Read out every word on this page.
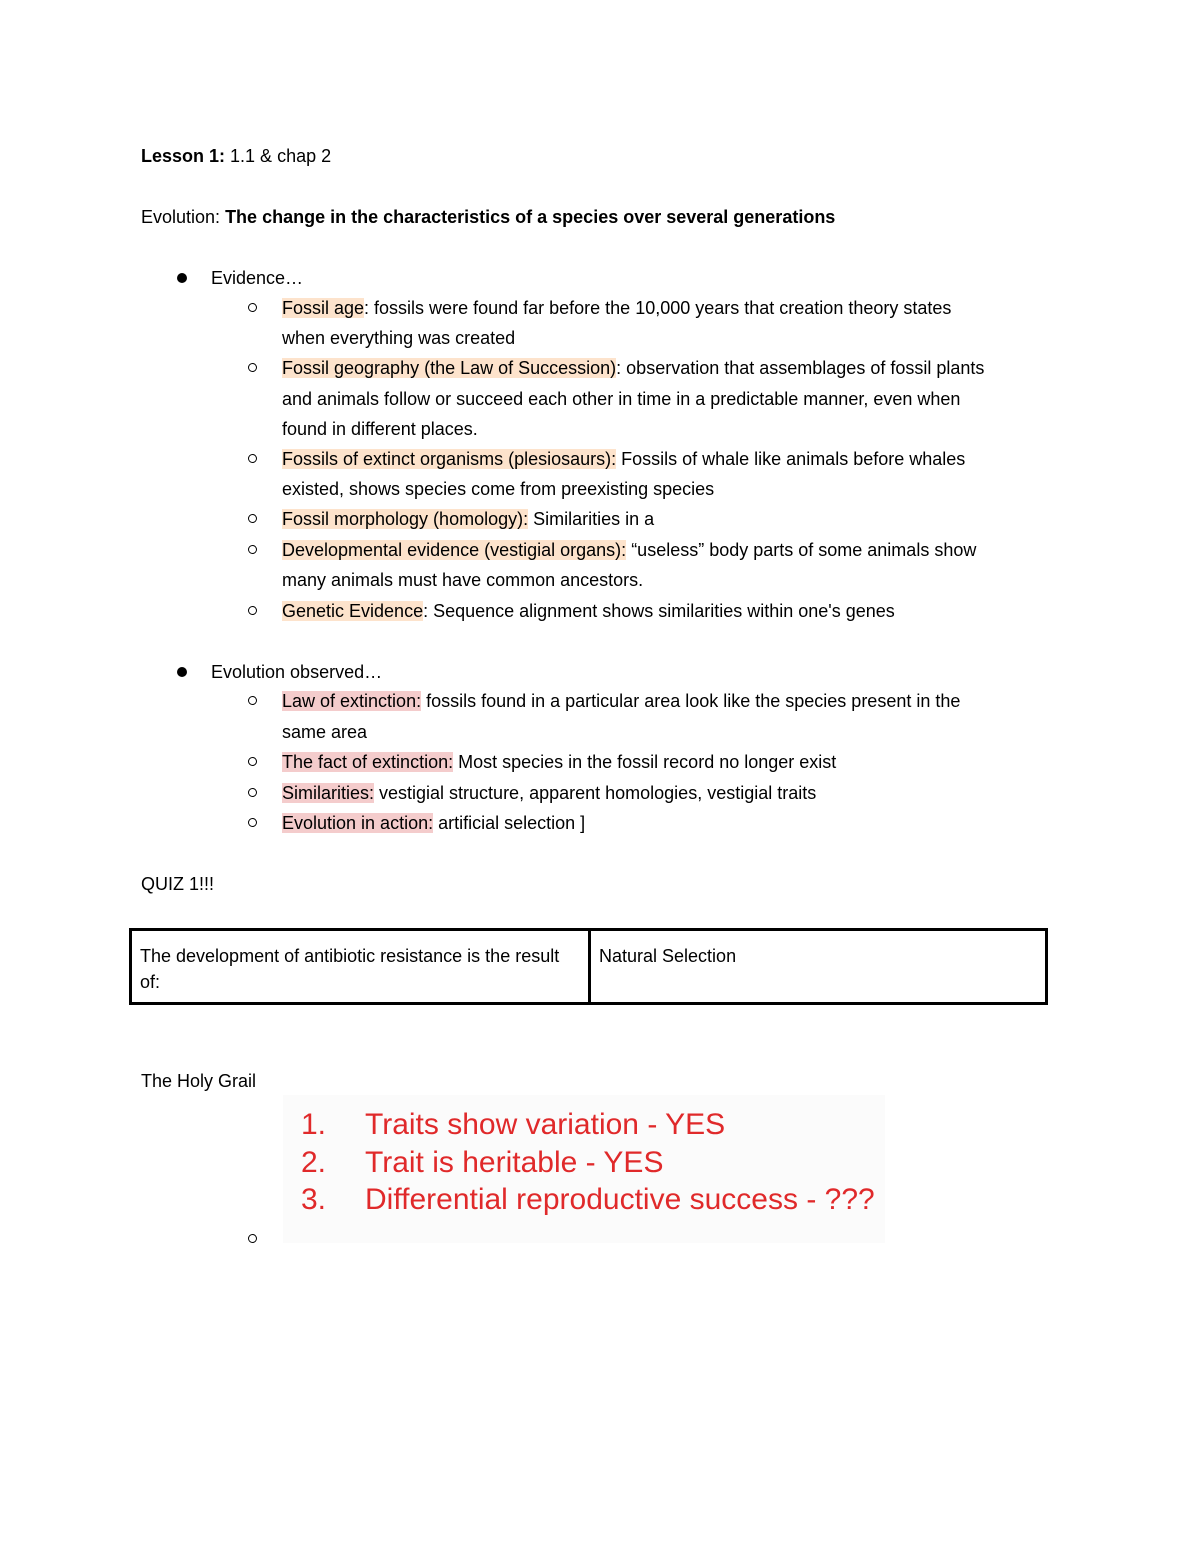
Lesson 1: 1.1 & chap 2
Evolution: The change in the characteristics of a species over several generations
Evidence…
Fossil age: fossils were found far before the 10,000 years that creation theory states
when everything was created
Fossil geography (the Law of Succession): observation that assemblages of fossil plants
and animals follow or succeed each other in time in a predictable manner, even when
found in different places.
Fossils of extinct organisms (plesiosaurs): Fossils of whale like animals before whales
existed, shows species come from preexisting species
Fossil morphology (homology): Similarities in a
Developmental evidence (vestigial organs): “useless” body parts of some animals show
many animals must have common ancestors.
Genetic Evidence: Sequence alignment shows similarities within one's genes
Evolution observed…
Law of extinction: fossils found in a particular area look like the species present in the
same area
The fact of extinction: Most species in the fossil record no longer exist
Similarities: vestigial structure, apparent homologies, vestigial traits
Evolution in action: artificial selection ]
QUIZ 1!!!
The development of antibiotic resistance is the result of:
Natural Selection
The Holy Grail
1. Traits show variation - YES
2. Trait is heritable - YES
3. Differential reproductive success - ???
